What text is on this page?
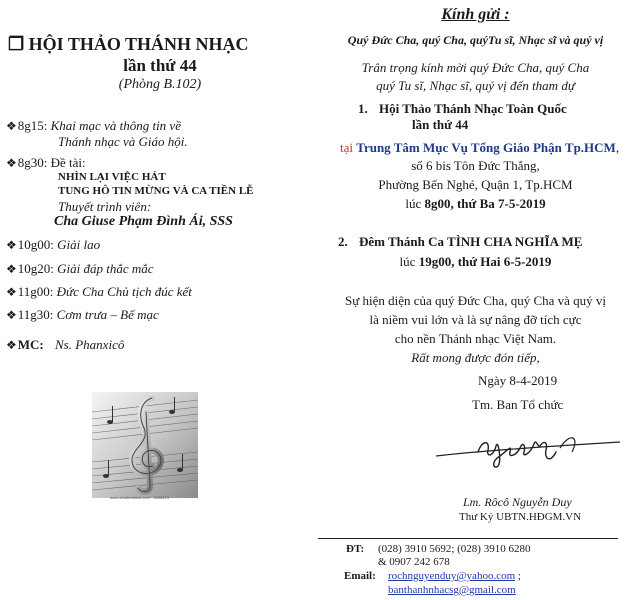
❐ HỘI THẢO THÁNH NHẠC
lần thứ 44
(Phòng B.102)
❖8g15: Khai mạc và thông tin về
Thánh nhạc và Giáo hội.
❖8g30: Đề tài:
NHÌN LẠI VIỆC HÁT
TUNG HÔ TIN MỪNG VÀ CA TIỀN LỄ
Thuyết trình viên:
Cha Giuse Phạm Đình Ái, SSS
❖10g00: Giải lao
❖10g20: Giải đáp thắc mắc
❖11g00: Đức Cha Chủ tịch đúc kết
❖11g30: Cơm trưa – Bế mạc
❖MC: Ns. Phanxicô
www.shutterstock.com · 3545613
Kính gửi :
Quý Đức Cha, quý Cha, quýTu sĩ, Nhạc sĩ và quý vị
Trân trọng kính mời quý Đức Cha, quý Cha
quý Tu sĩ, Nhạc sĩ, quý vị đến tham dự
1. Hội Thảo Thánh Nhạc Toàn Quốc
lần thứ 44
tại Trung Tâm Mục Vụ Tổng Giáo Phận Tp.HCM,
số 6 bis Tôn Đức Thắng,
Phường Bến Nghé, Quận 1, Tp.HCM
lúc 8g00, thứ Ba 7-5-2019
2. Đêm Thánh Ca TÌNH CHA NGHĨA MẸ
lúc 19g00, thứ Hai 6-5-2019
Sự hiện diện của quý Đức Cha, quý Cha và quý vị
là niềm vui lớn và là sự nâng đỡ tích cực
cho nền Thánh nhạc Việt Nam.
Rất mong được đón tiếp,
Ngày 8-4-2019
Tm. Ban Tổ chức
Lm. Rôcô Nguyễn Duy
Thư Ký UBTN.HĐGM.VN
ĐT: (028) 3910 5692; (028) 3910 6280
& 0907 242 678
Email: rochnguyenduy@yahoo.com ;
banthanhnhacsg@gmail.com
